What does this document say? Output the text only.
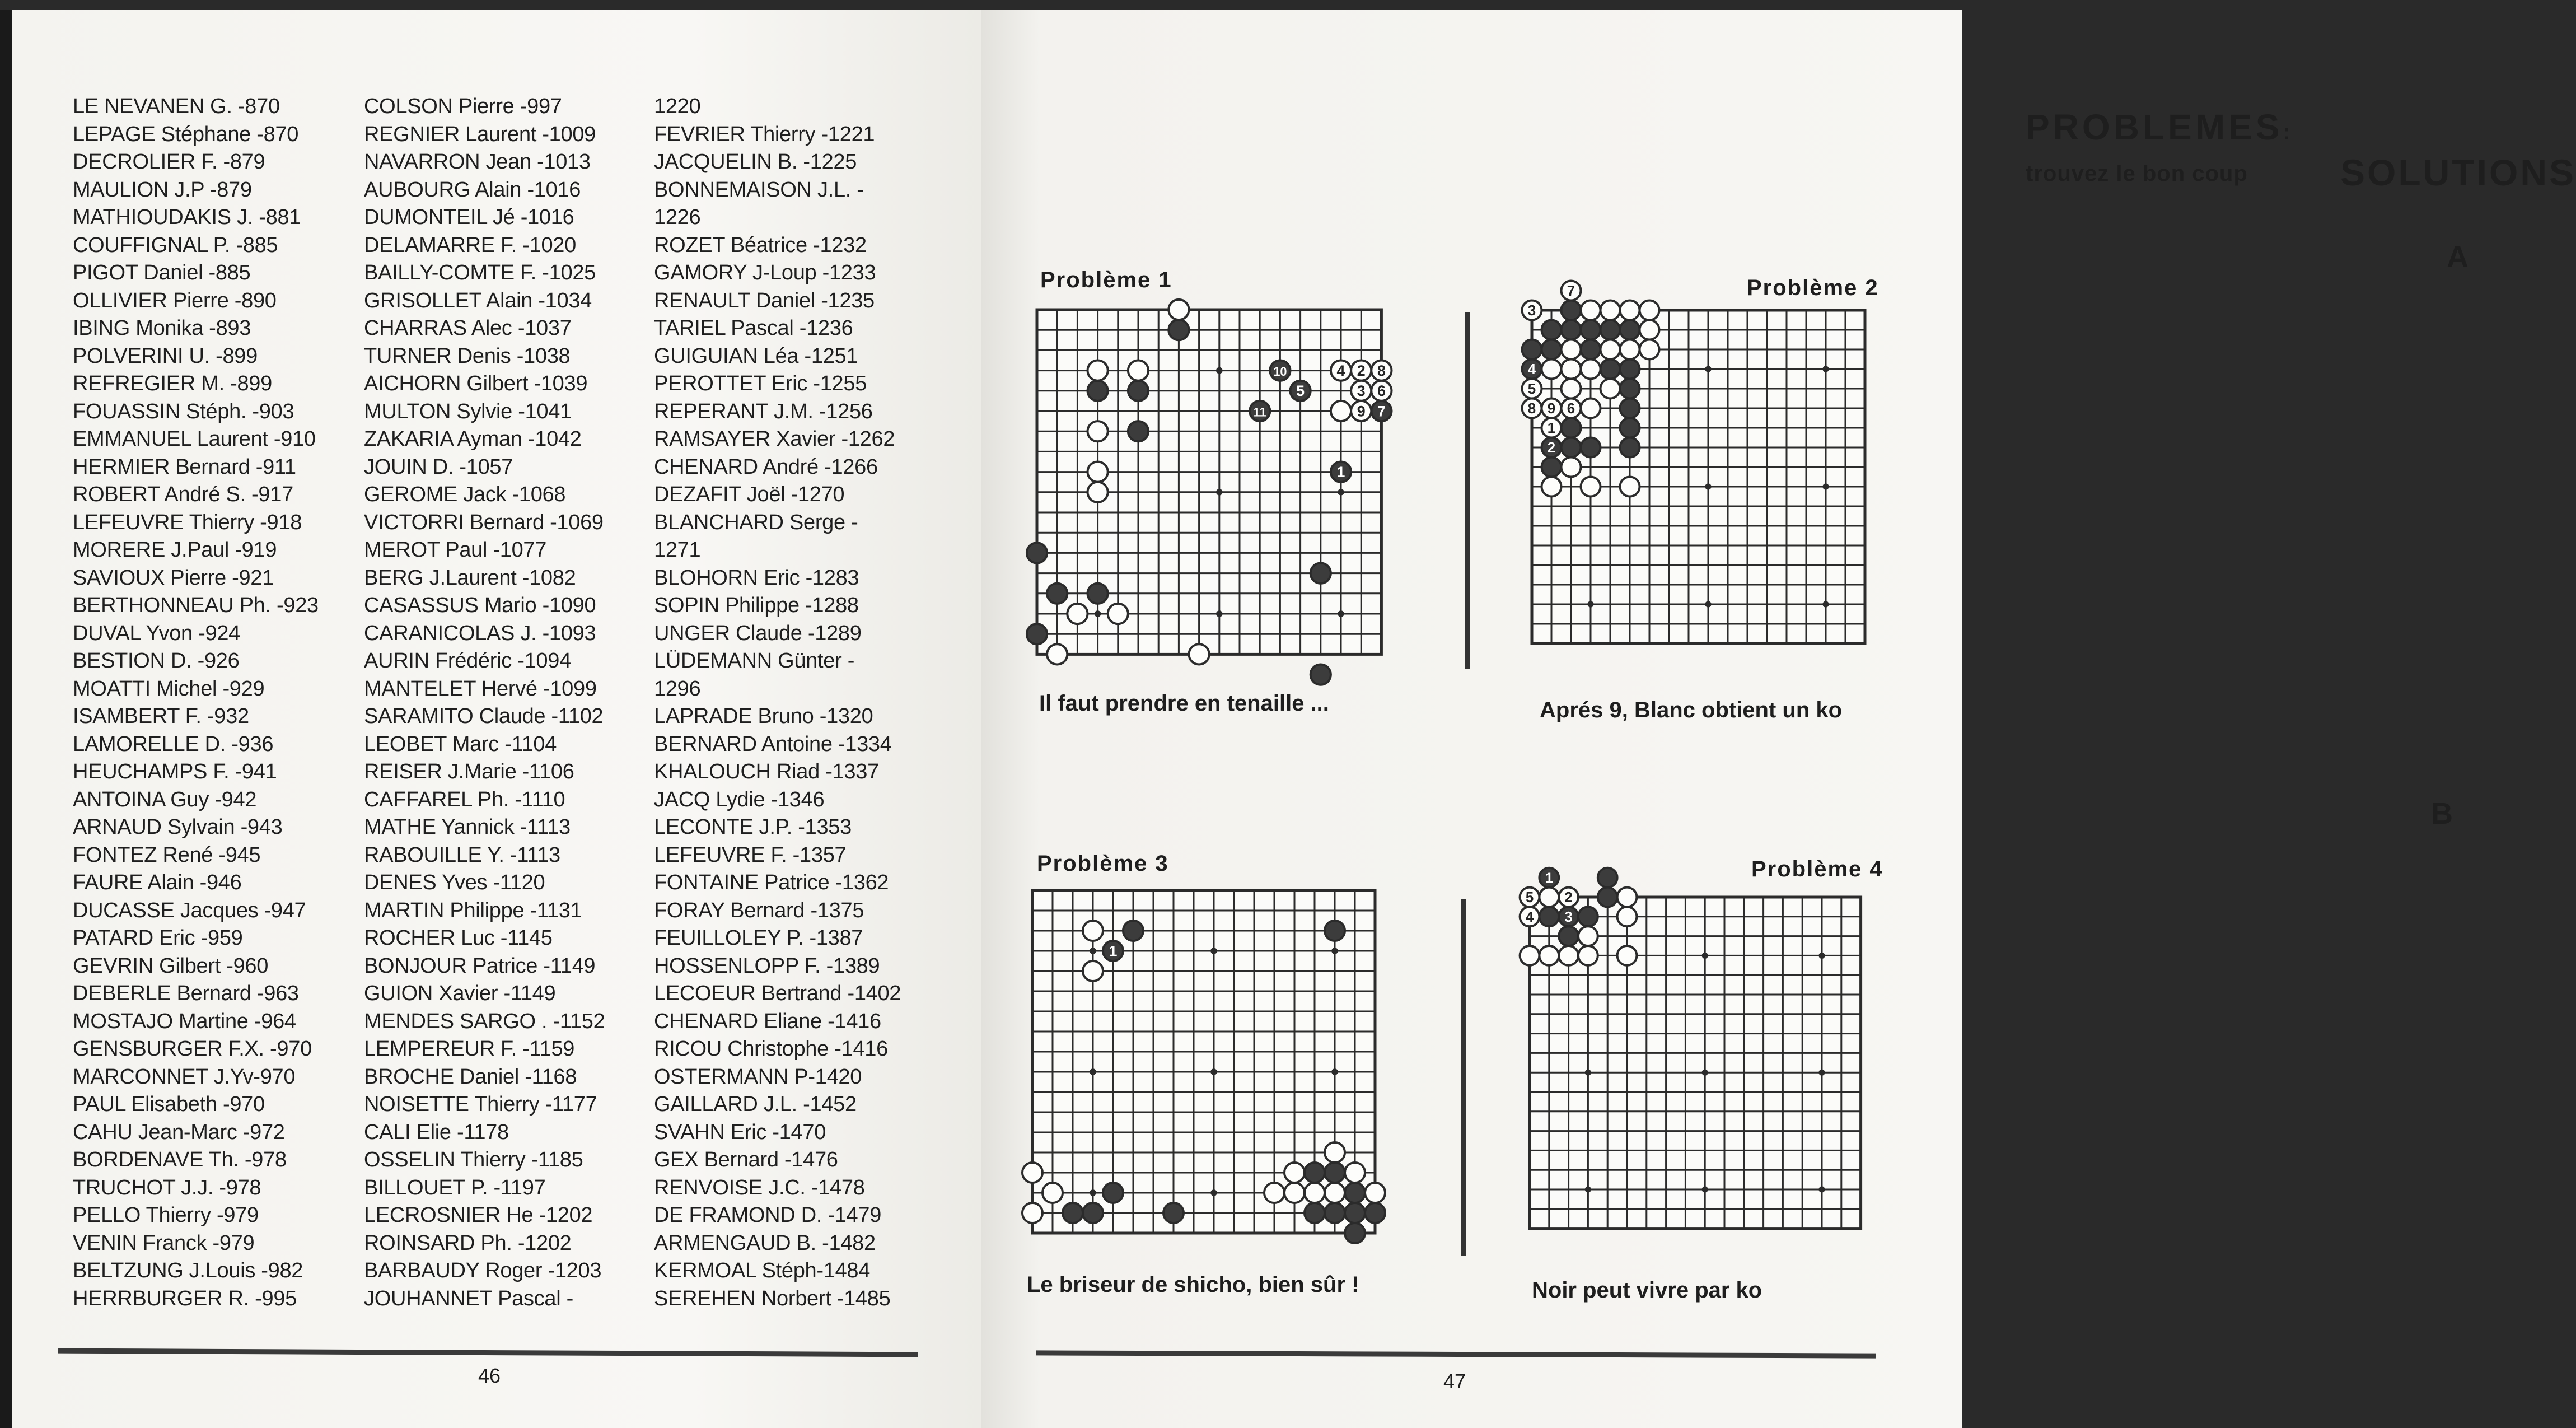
LE NEVANEN G. -870
LEPAGE Stéphane -870
DECROLIER F. -879
MAULION J.P -879
MATHIOUDAKIS J. -881
COUFFIGNAL P. -885
PIGOT Daniel -885
OLLIVIER Pierre -890
IBING Monika -893
POLVERINI U. -899
REFREGIER M. -899
FOUASSIN Stéph. -903
EMMANUEL Laurent -910
HERMIER Bernard -911
ROBERT André S. -917
LEFEUVRE Thierry -918
MORERE J.Paul -919
SAVIOUX Pierre -921
BERTHONNEAU Ph. -923
DUVAL Yvon -924
BESTION D. -926
MOATTI Michel -929
ISAMBERT F. -932
LAMORELLE D. -936
HEUCHAMPS F. -941
ANTOINA Guy -942
ARNAUD Sylvain -943
FONTEZ René -945
FAURE Alain -946
DUCASSE Jacques -947
PATARD Eric -959
GEVRIN Gilbert -960
DEBERLE Bernard -963
MOSTAJO Martine -964
GENSBURGER F.X. -970
MARCONNET J.Yv-970
PAUL Elisabeth -970
CAHU Jean-Marc -972
BORDENAVE Th. -978
TRUCHOT J.J. -978
PELLO Thierry -979
VENIN Franck -979
BELTZUNG J.Louis -982
HERRBURGER R. -995
COLSON Pierre -997
REGNIER Laurent -1009
NAVARRON Jean -1013
AUBOURG Alain -1016
DUMONTEIL Jé -1016
DELAMARRE F. -1020
BAILLY-COMTE F. -1025
GRISOLLET Alain -1034
CHARRAS Alec -1037
TURNER Denis -1038
AICHORN Gilbert -1039
MULTON Sylvie -1041
ZAKARIA Ayman -1042
JOUIN D. -1057
GEROME Jack -1068
VICTORRI Bernard -1069
MEROT Paul -1077
BERG J.Laurent -1082
CASASSUS Mario -1090
CARANICOLAS J. -1093
AURIN Frédéric -1094
MANTELET Hervé -1099
SARAMITO Claude -1102
LEOBET Marc -1104
REISER J.Marie -1106
CAFFAREL Ph. -1110
MATHE Yannick -1113
RABOUILLE Y. -1113
DENES Yves -1120
MARTIN Philippe -1131
ROCHER Luc -1145
BONJOUR Patrice -1149
GUION Xavier -1149
MENDES SARGO . -1152
LEMPEREUR F. -1159
BROCHE Daniel -1168
NOISETTE Thierry -1177
CALI Elie -1178
OSSELIN Thierry -1185
BILLOUET P. -1197
LECROSNIER He -1202
ROINSARD Ph. -1202
BARBAUDY Roger -1203
JOUHANNET Pascal -
1220
FEVRIER Thierry -1221
JACQUELIN B. -1225
BONNEMAISON J.L. -
1226
ROZET Béatrice -1232
GAMORY J-Loup -1233
RENAULT Daniel -1235
TARIEL Pascal -1236
GUIGUIAN Léa -1251
PEROTTET Eric -1255
REPERANT J.M. -1256
RAMSAYER Xavier -1262
CHENARD André -1266
DEZAFIT Joël -1270
BLANCHARD Serge -
1271
BLOHORN Eric -1283
SOPIN Philippe -1288
UNGER Claude -1289
LÜDEMANN Günter -
1296
LAPRADE Bruno -1320
BERNARD Antoine -1334
KHALOUCH Riad -1337
JACQ Lydie -1346
LECONTE J.P. -1353
LEFEUVRE F. -1357
FONTAINE Patrice -1362
FORAY Bernard -1375
FEUILLOLEY P. -1387
HOSSENLOPP F. -1389
LECOEUR Bertrand -1402
CHENARD Eliane -1416
RICOU Christophe -1416
OSTERMANN P-1420
GAILLARD J.L. -1452
SVAHN Eric -1470
GEX Bernard -1476
RENVOISE J.C. -1478
DE FRAMOND D. -1479
ARMENGAUD B. -1482
KERMOAL Stéph-1484
SEREHEN Norbert -1485
46
PROBLEMES: trouvez le bon coup	SOLUTIONS
A
B
Problème 1	Problème 2
Problème 3	Problème 4
1
2
3
4
5	6
7
8
9
10
11
1
2
3
4
5
6
7
8 9
1
1
2
3
4
5
Il faut prendre en tenaille ...	Aprés 9, Blanc obtient un ko
Le briseur de shicho, bien sûr !	Noir peut vivre par ko
47
